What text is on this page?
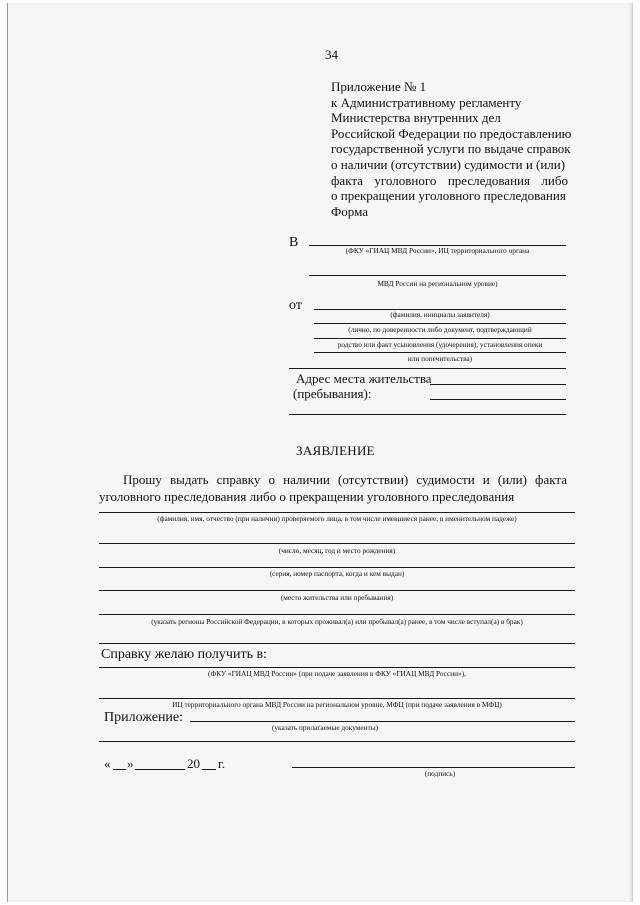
34
Приложение № 1
к Административному регламенту
Министерства внутренних дел
Российской Федерации по предоставлению
государственной услуги по выдаче справок
о наличии (отсутствии) судимости и (или)
факта уголовного преследования либо
о прекращении уголовного преследования
Форма
В
(ФКУ «ГИАЦ МВД России», ИЦ территориального органа
МВД России на региональном уровне)
от
(фамилия, инициалы заявителя)
(лично, по доверенности либо документ, подтверждающий
родство или факт усыновления (удочерения), установления опеки
или попечительства)
Адрес места жительства
(пребывания):
ЗАЯВЛЕНИЕ
Прошу выдать справку о наличии (отсутствии) судимости и (или) факта
уголовного преследования либо о прекращении уголовного преследования
(фамилия, имя, отчество (при наличии) проверяемого лица, в том числе имевшиеся ранее, в именительном падеже)
(число, месяц, год и место рождения)
(серия, номер паспорта, когда и кем выдан)
(место жительства или пребывания)
(указать регионы Российской Федерации, в которых проживал(а) или пребывал(а) ранее, в том числе вступал(а) в брак)
Справку желаю получить в:
(ФКУ «ГИАЦ МВД России» (при подаче заявления в ФКУ «ГИАЦ МВД России»),
ИЦ территориального органа МВД России на региональном уровне, МФЦ (при подаче заявления в МФЦ)
Приложение:
(указать прилагаемые документы)
« »	20 г.
(подпись)
